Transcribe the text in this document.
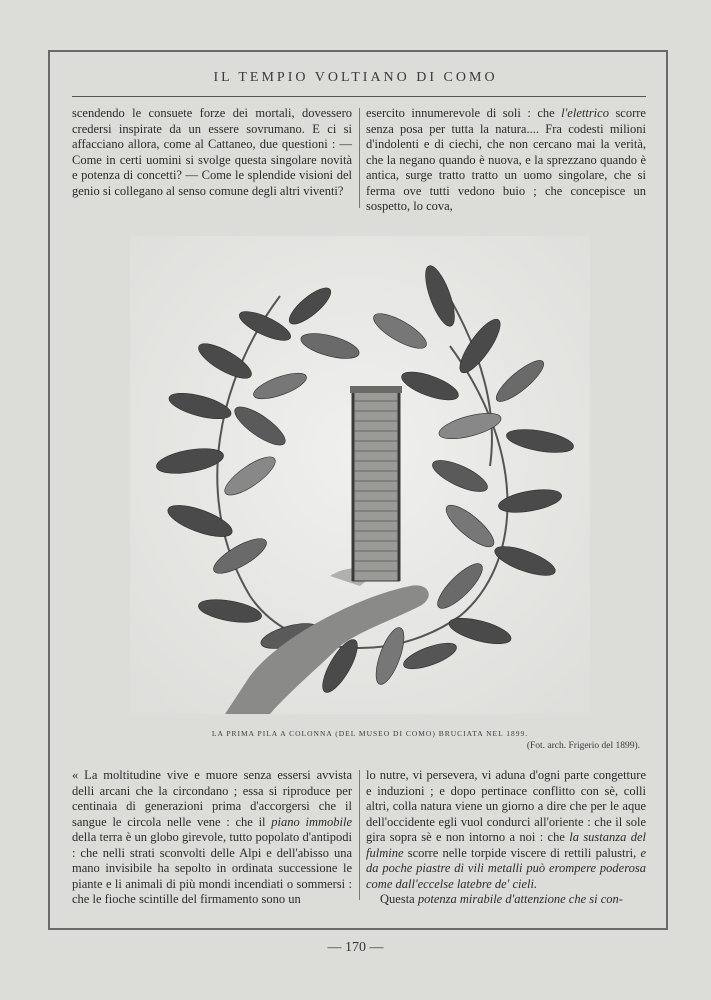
IL TEMPIO VOLTIANO DI COMO

scendendo le consuete forze dei mortali, dovessero credersi inspirate da un essere sovrumano. E ci si affacciano allora, come al Cattaneo, due questioni : — Come in certi uomini si svolge questa singolare novità e potenza di concetti? — Come le splendide visioni del genio si collegano al senso comune degli altri viventi?

esercito innumerevole di soli : che l'elettrico scorre senza posa per tutta la natura.... Fra codesti milioni d'indolenti e di ciechi, che non cercano mai la verità, che la negano quando è nuova, e la sprezzano quando è antica, surge tratto tratto un uomo singolare, che si ferma ove tutti vedono buio ; che concepisce un sospetto, lo cova,

LA PRIMA PILA A COLONNA (DEL MUSEO DI COMO) BRUCIATA NEL 1899.
(Fot. arch. Frigerio del 1899).

« La moltitudine vive e muore senza essersi avvista delli arcani che la circondano ; essa si riproduce per centinaia di generazioni prima d'accorgersi che il sangue le circola nelle vene : che il piano immobile della terra è un globo girevole, tutto popolato d'antipodi : che nelli strati sconvolti delle Alpi e dell'abisso una mano invisibile ha sepolto in ordinata successione le piante e li animali di più mondi incendiati o sommersi : che le fioche scintille del firmamento sono un

lo nutre, vi persevera, vi aduna d'ogni parte congetture e induzioni ; e dopo pertinace conflitto con sè, colli altri, colla natura viene un giorno a dire che per le aque dell'occidente egli vuol condurci all'oriente : che il sole gira sopra sè e non intorno a noi : che la sustanza del fulmine scorre nelle torpide viscere di rettili palustri, e da poche piastre di vili metalli può erompere poderosa come dall'eccelse latebre de' cieli.

Questa potenza mirabile d'attenzione che si con-

— 170 —
